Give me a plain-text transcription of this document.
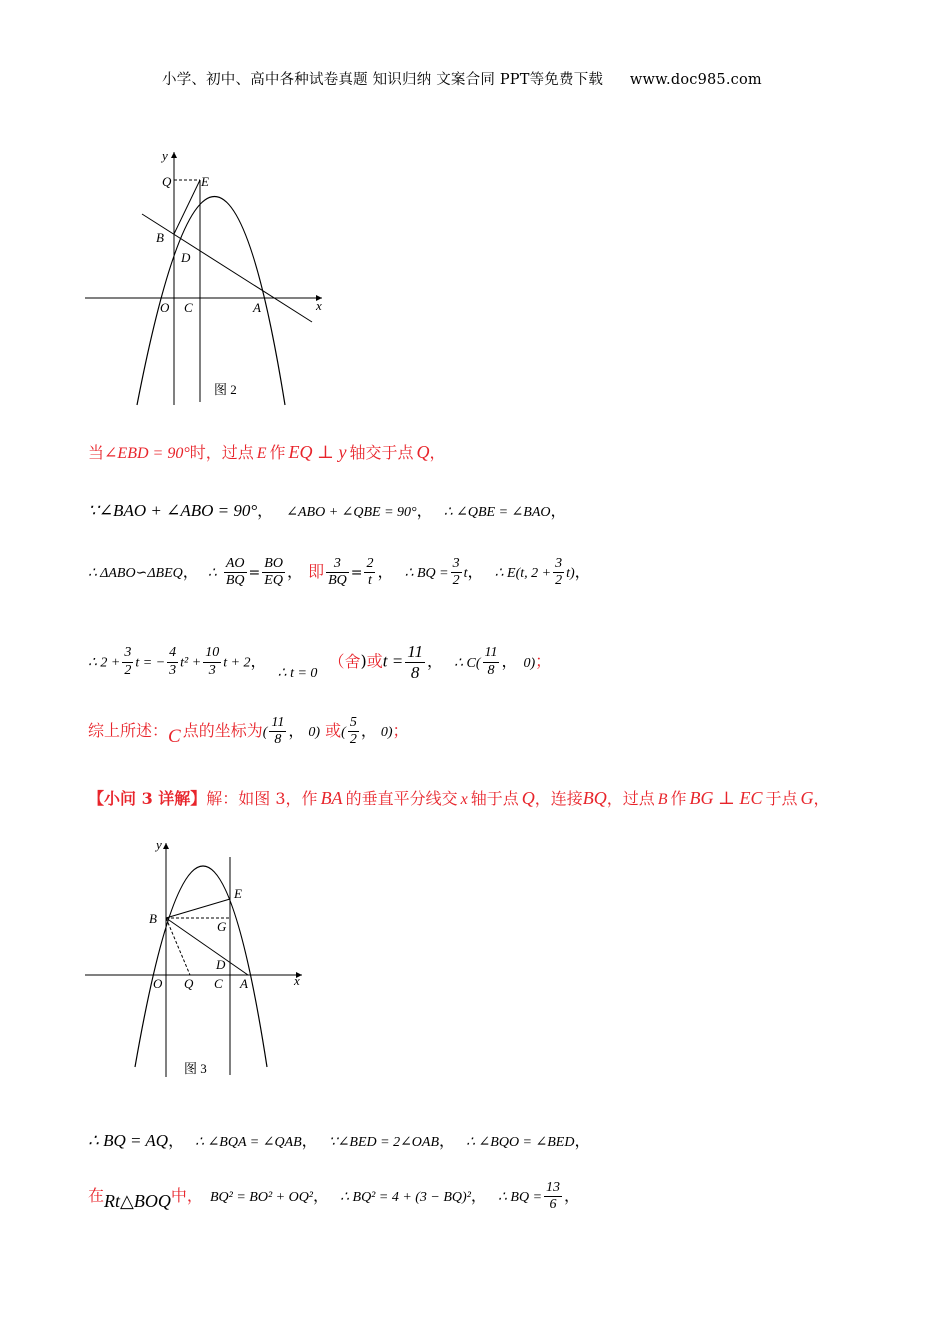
小学、初中、高中各种试卷真题 知识归纳 文案合同 PPT等免费下载 www.doc985.com
y
Q E
B
D
O C	A	x
图 2
当∠EBD = 90°时，过点 E 作 EQ ⊥ y 轴交于点 Q，
∵∠BAO + ∠ABO = 90°， ∠ABO + ∠QBE = 90°， ∴ ∠QBE = ∠BAO，
∴ ΔABO∽ΔBEQ， ∴ $\frac{AO}{BQ} = \frac{BO}{EQ}$ ， 即 $\frac{3}{BQ} = \frac{2}{t}$ ， ∴ BQ = $\frac{3}{2}$ t， ∴ E(t, $2 + \frac{3}{2} t$)，
∴ $2 + \frac{3}{2}$ t = − $\frac{4}{3} t^2 + \frac{10}{3}$ t + 2， ∴ t = 0 （舍)或$t = \frac{11}{8}$ ， ∴ $C( \frac{11}{8}$ ， 0)；
综上所述：C 点的坐标为( $\frac{11}{8}$ ， 0) 或( $\frac{5}{2}$ ， 0)；
【小问 3 详解】解：如图 3，作 BA 的垂直平分线交 x 轴于点 Q，连接BQ，过点 B 作 BG ⊥ EC 于点 G，
y
E
B
G
D
O Q C A	x
图 3
∴ BQ = AQ， ∴ ∠BQA = ∠QAB， ∵∠BED = 2∠OAB， ∴ ∠BQO = ∠BED，
在Rt△BOQ中， BQ² = BO² + OQ²， ∴ BQ² = 4 + (3 − BQ)²， ∴ BQ = $\frac{13}{6}$ ，
